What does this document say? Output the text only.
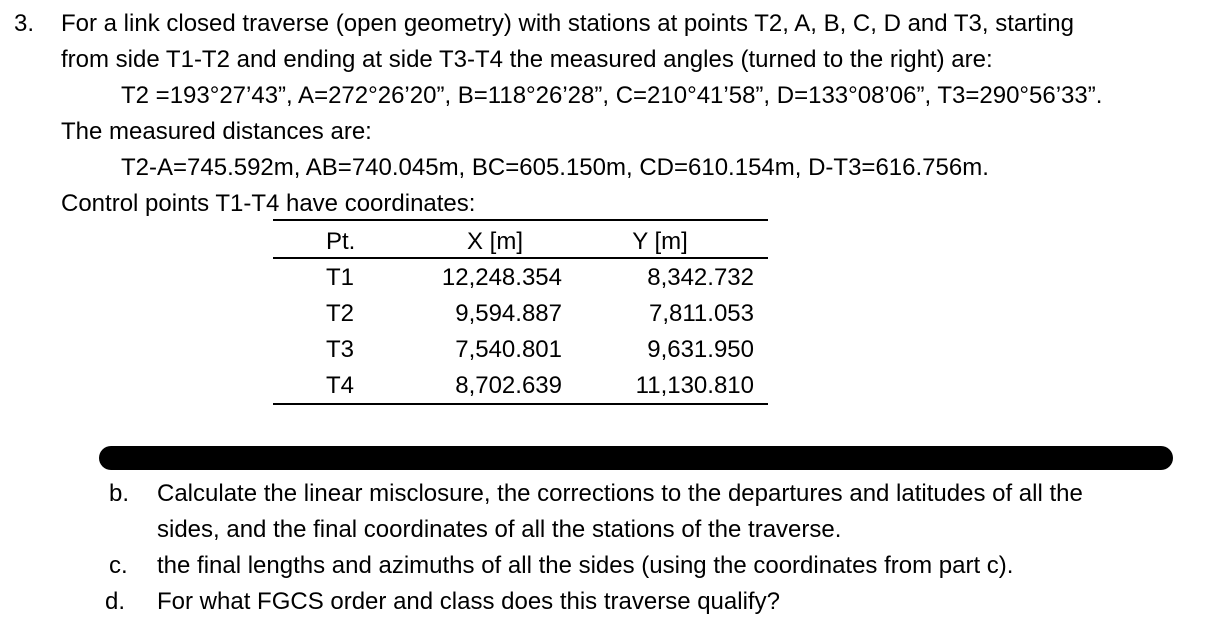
3. For a link closed traverse (open geometry) with stations at points T2, A, B, C, D and T3, starting
from side T1-T2 and ending at side T3-T4 the measured angles (turned to the right) are:
T2 =193°27’43”, A=272°26’20”, B=118°26’28”, C=210°41’58”, D=133°08’06”, T3=290°56’33”.
The measured distances are:
T2-A=745.592m, AB=740.045m, BC=605.150m, CD=610.154m, D-T3=616.756m.
Control points T1-T4 have coordinates:
Pt.	X [m]	Y [m]
T1	12,248.354	8,342.732
T2	9,594.887	7,811.053
T3	7,540.801	9,631.950
T4	8,702.639	11,130.810
b. Calculate the linear misclosure, the corrections to the departures and latitudes of all the
sides, and the final coordinates of all the stations of the traverse.
c. the final lengths and azimuths of all the sides (using the coordinates from part c).
d. For what FGCS order and class does this traverse qualify?
